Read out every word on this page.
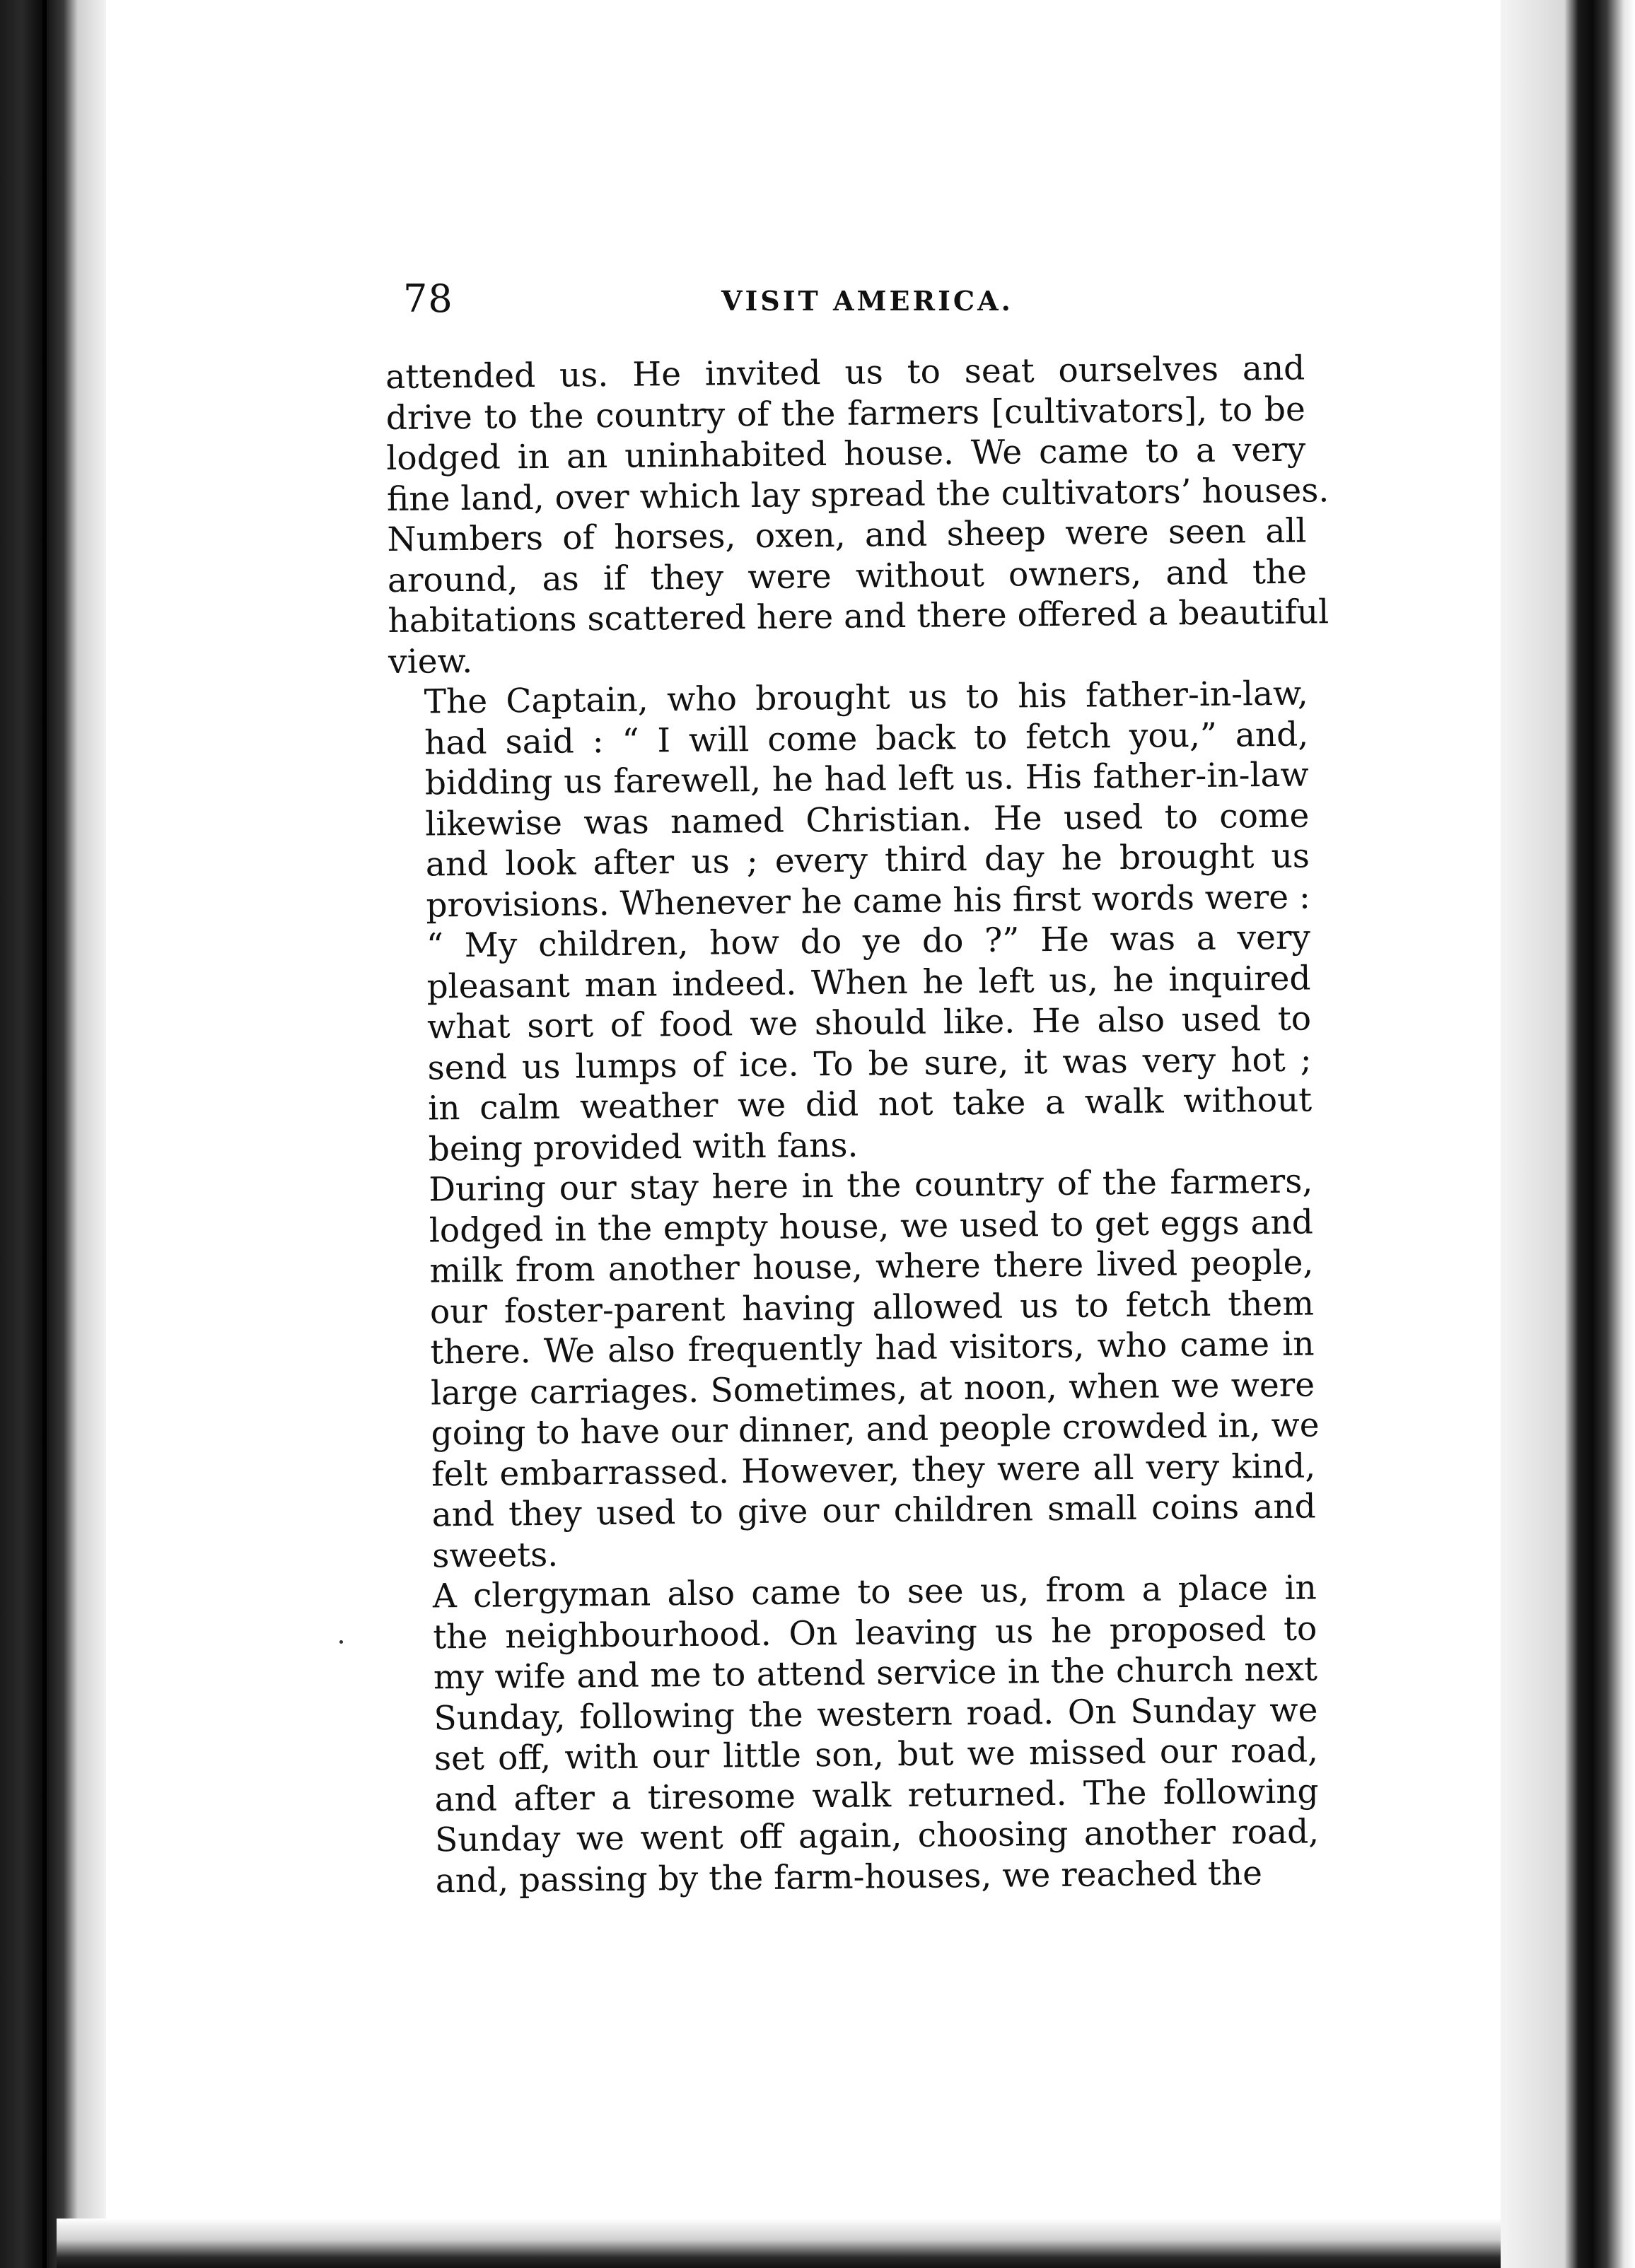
78	VISIT AMERICA.
attended us. He invited us to seat ourselves and
drive to the country of the farmers [cultivators], to be
lodged in an uninhabited house. We came to a very
fine land, over which lay spread the cultivators’ houses.
Numbers of horses, oxen, and sheep were seen all
around, as if they were without owners, and the
habitations scattered here and there offered a beautiful
view.
The Captain, who brought us to his father-in-law,
had said : “ I will come back to fetch you,” and,
bidding us farewell, he had left us. His father-in-law
likewise was named Christian. He used to come
and look after us ; every third day he brought us
provisions. Whenever he came his first words were :
“ My children, how do ye do ?” He was a very
pleasant man indeed. When he left us, he inquired
what sort of food we should like. He also used to
send us lumps of ice. To be sure, it was very hot ;
in calm weather we did not take a walk without
being provided with fans.
During our stay here in the country of the farmers,
lodged in the empty house, we used to get eggs and
milk from another house, where there lived people,
our foster-parent having allowed us to fetch them
there. We also frequently had visitors, who came in
large carriages. Sometimes, at noon, when we were
going to have our dinner, and people crowded in, we
felt embarrassed. However, they were all very kind,
and they used to give our children small coins and
sweets.
A clergyman also came to see us, from a place in
the neighbourhood. On leaving us he proposed to
my wife and me to attend service in the church next
Sunday, following the western road. On Sunday we
set off, with our little son, but we missed our road,
and after a tiresome walk returned. The following
Sunday we went off again, choosing another road,
and, passing by the farm-houses, we reached the
